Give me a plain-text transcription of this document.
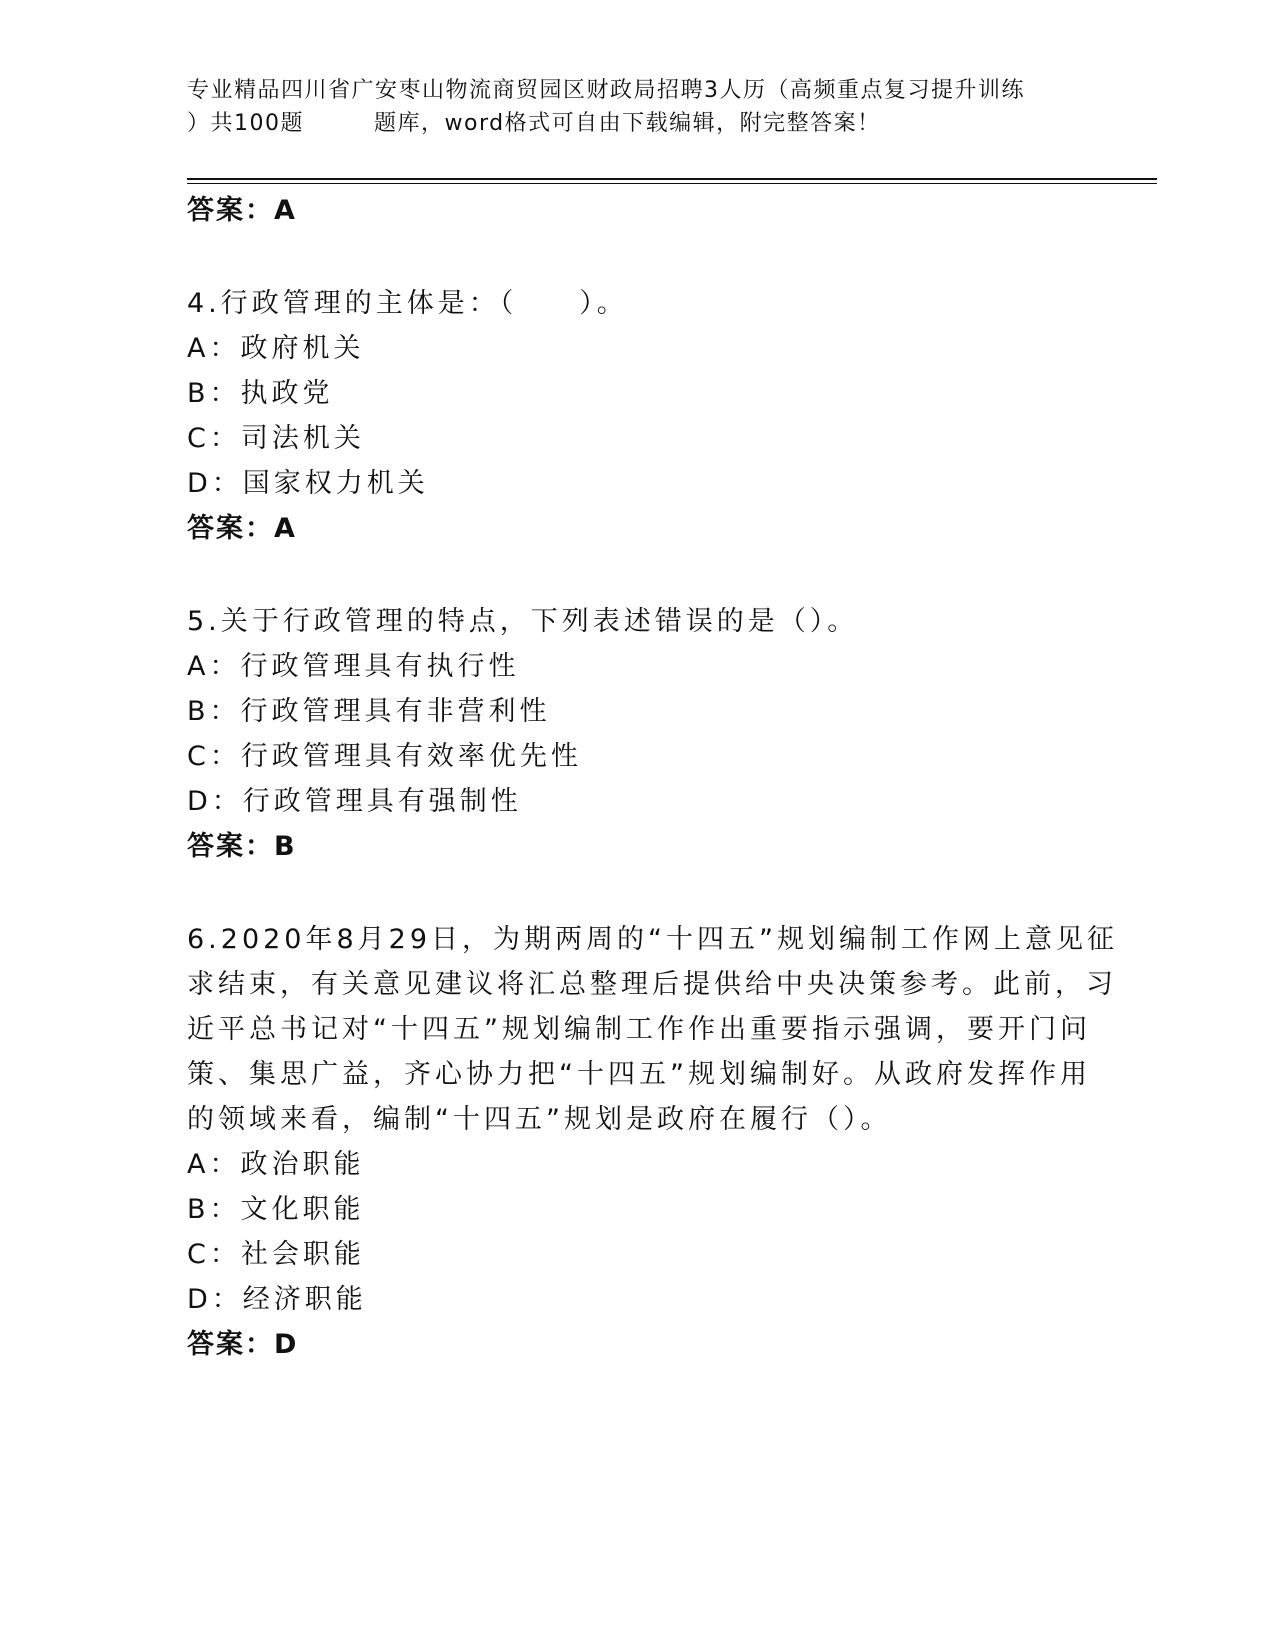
专业精品四川省广安枣山物流商贸园区财政局招聘3人历（高频重点复习提升训练
）共100题	题库，word格式可自由下载编辑，附完整答案！
答案：A
4.行政管理的主体是：（　　）。
A：政府机关
B：执政党
C：司法机关
D：国家权力机关
答案：A
5.关于行政管理的特点，下列表述错误的是（）。
A：行政管理具有执行性
B：行政管理具有非营利性
C：行政管理具有效率优先性
D：行政管理具有强制性
答案：B
6.2020年8月29日，为期两周的“十四五”规划编制工作网上意见征
求结束，有关意见建议将汇总整理后提供给中央决策参考。此前，习
近平总书记对“十四五”规划编制工作作出重要指示强调，要开门问
策、集思广益，齐心协力把“十四五”规划编制好。从政府发挥作用
的领域来看，编制“十四五”规划是政府在履行（）。
A：政治职能
B：文化职能
C：社会职能
D：经济职能
答案：D
